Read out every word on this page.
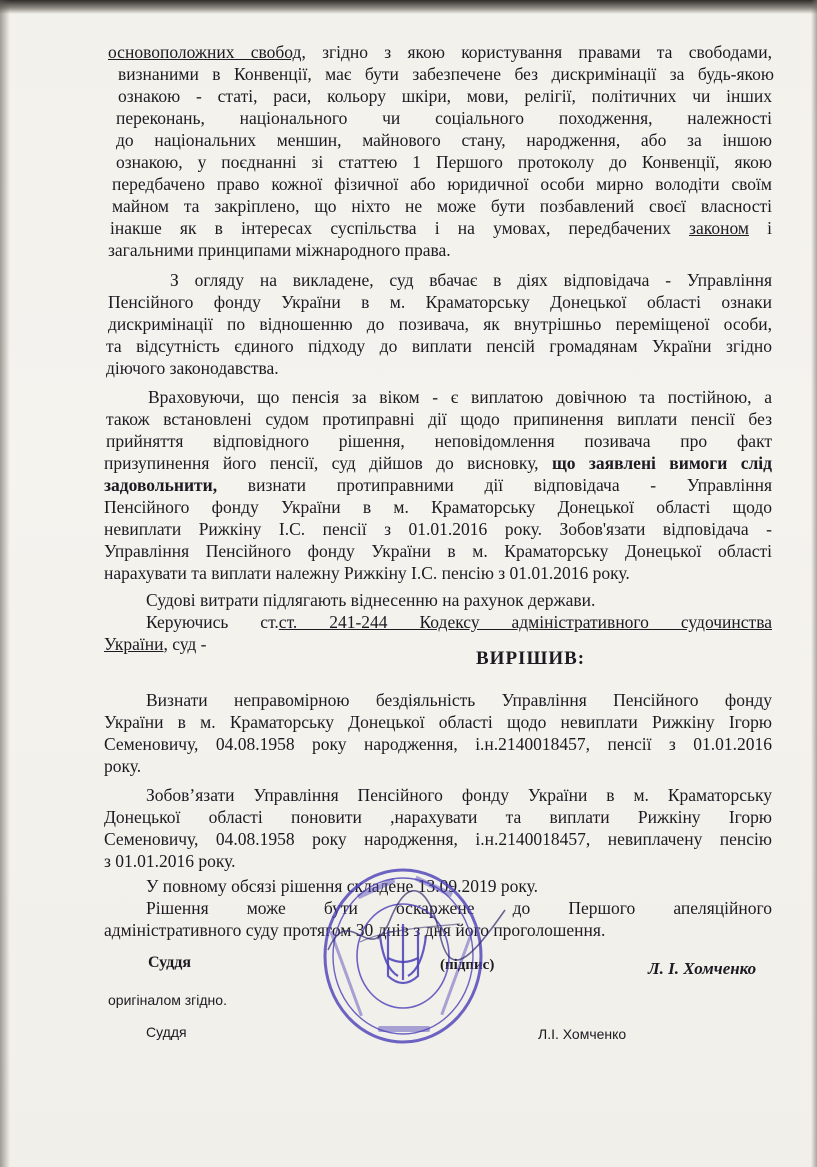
основоположних свобод, згідно з якою користування правами та свободами,
визнаними в Конвенції, має бути забезпечене без дискримінації за будь-якою
ознакою - статі, раси, кольору шкіри, мови, релігії, політичних чи інших
переконань, національного чи соціального походження, належності
до національних меншин, майнового стану, народження, або за іншою
ознакою, у поєднанні зі статтею 1 Першого протоколу до Конвенції, якою
передбачено право кожної фізичної або юридичної особи мирно володіти своїм
майном та закріплено, що ніхто не може бути позбавлений своєї власності
інакше як в інтересах суспільства і на умовах, передбачених законом і
загальними принципами міжнародного права.
З огляду на викладене, суд вбачає в діях відповідача - Управління
Пенсійного фонду України в м. Краматорську Донецької області ознаки
дискримінації по відношенню до позивача, як внутрішньо переміщеної особи,
та відсутність єдиного підходу до виплати пенсій громадянам України згідно
діючого законодавства.
Враховуючи, що пенсія за віком - є виплатою довічною та постійною, а
також встановлені судом протиправні дії щодо припинення виплати пенсії без
прийняття відповідного рішення, неповідомлення позивача про факт
призупинення його пенсії, суд дійшов до висновку, що заявлені вимоги слід
задовольнити, визнати протиправними дії відповідача - Управління
Пенсійного фонду України в м. Краматорську Донецької області щодо
невиплати Рижкіну І.С. пенсії з 01.01.2016 року. Зобов'язати відповідача -
Управління Пенсійного фонду України в м. Краматорську Донецької області
нарахувати та виплати належну Рижкіну І.С. пенсію з 01.01.2016 року.
Судові витрати підлягають віднесенню на рахунок держави.
Керуючись ст.ст. 241-244 Кодексу адміністративного судочинства
України, суд -
ВИРІШИВ:
Визнати неправомірною бездіяльність Управління Пенсійного фонду
України в м. Краматорську Донецької області щодо невиплати Рижкіну Ігорю
Семеновичу, 04.08.1958 року народження, і.н.2140018457, пенсії з 01.01.2016
року.
Зобов’язати Управління Пенсійного фонду України в м. Краматорську
Донецької області поновити ,нарахувати та виплати Рижкіну Ігорю
Семеновичу, 04.08.1958 року народження, і.н.2140018457, невиплачену пенсію
з 01.01.2016 року.
У повному обсязі рішення складене 13.09.2019 року.
Рішення може бути оскаржене до Першого апеляційного
адміністративного суду протягом 30 днів з дня його проголошення.
Суддя	(підпис)	Л. І. Хомченко
оригіналом згідно.
Суддя	Л.І. Хомченко
